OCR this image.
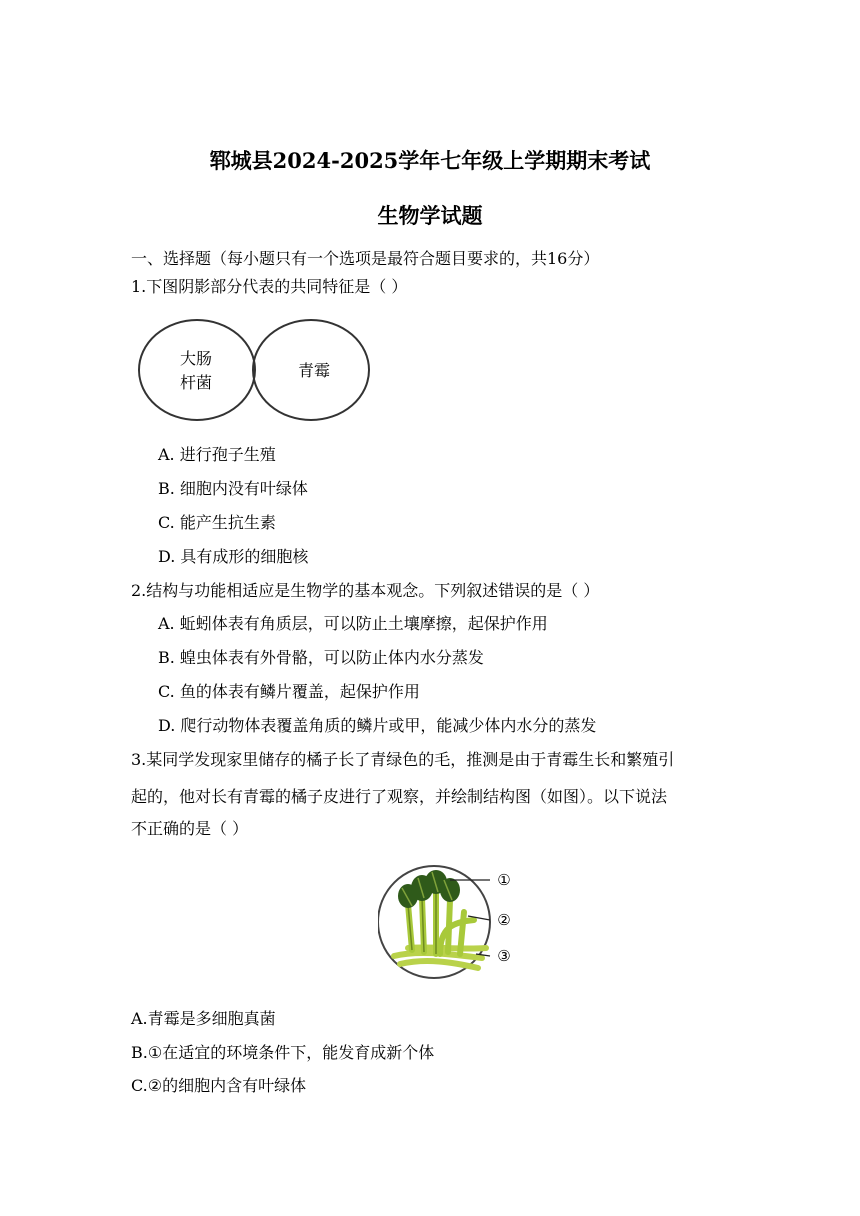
郓城县2024-2025学年七年级上学期期末考试
生物学试题
一、选择题（每小题只有一个选项是最符合题目要求的，共16分）
1.下图阴影部分代表的共同特征是（ ）
大肠
杆菌
青霉
A. 进行孢子生殖
B. 细胞内没有叶绿体
C. 能产生抗生素
D. 具有成形的细胞核
2.结构与功能相适应是生物学的基本观念。下列叙述错误的是（ ）
A. 蚯蚓体表有角质层，可以防止土壤摩擦，起保护作用
B. 蝗虫体表有外骨骼，可以防止体内水分蒸发
C. 鱼的体表有鳞片覆盖，起保护作用
D. 爬行动物体表覆盖角质的鳞片或甲，能减少体内水分的蒸发
3.某同学发现家里储存的橘子长了青绿色的毛，推测是由于青霉生长和繁殖引
起的，他对长有青霉的橘子皮进行了观察，并绘制结构图（如图）。以下说法
不正确的是（ ）
①
②
③
A.青霉是多细胞真菌
B.①在适宜的环境条件下，能发育成新个体
C.②的细胞内含有叶绿体
